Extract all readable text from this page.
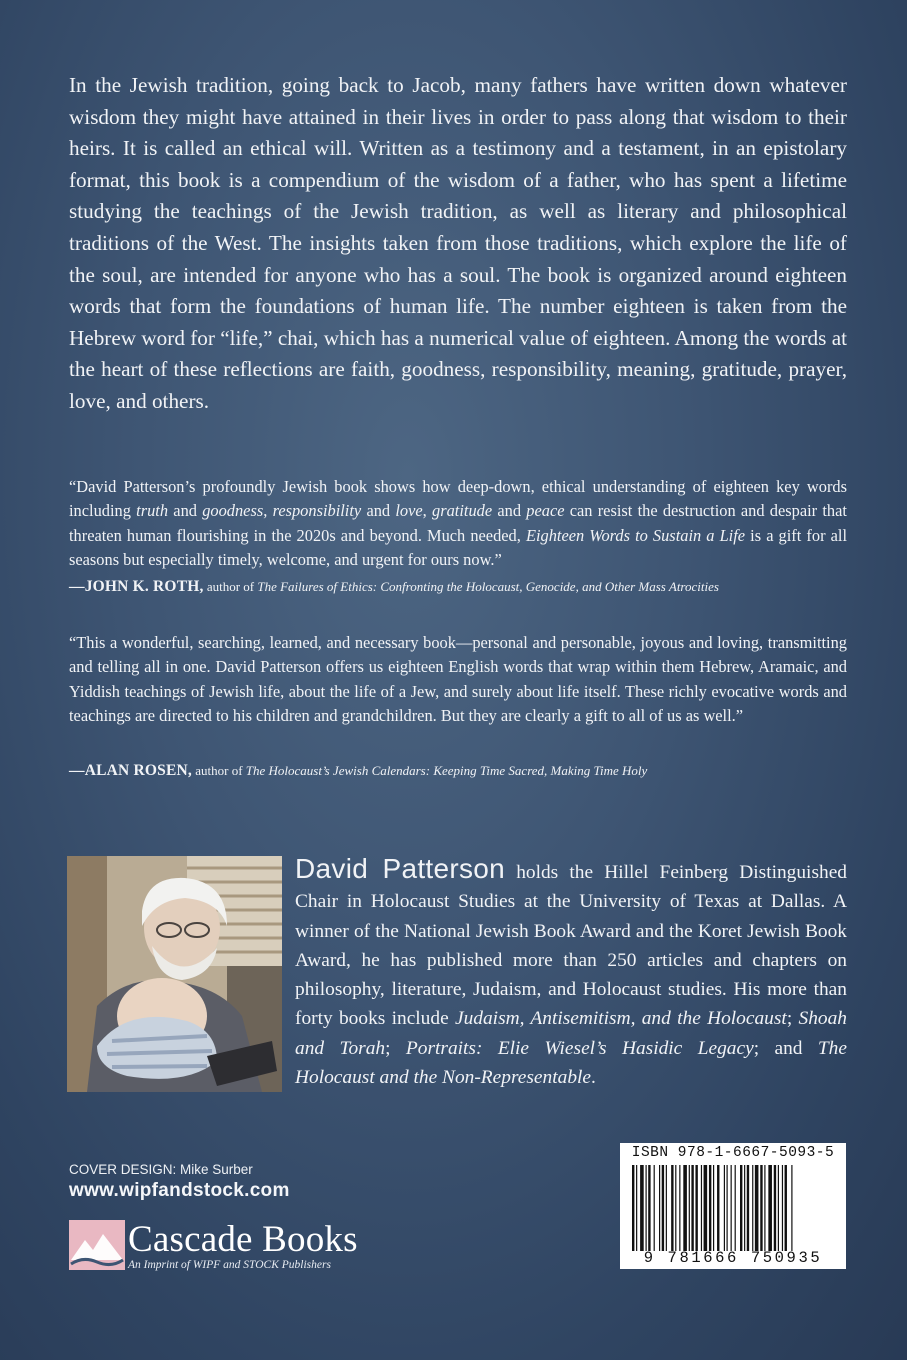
In the Jewish tradition, going back to Jacob, many fathers have written down whatever wisdom they might have attained in their lives in order to pass along that wisdom to their heirs. It is called an ethical will. Written as a testimony and a testament, in an epistolary format, this book is a compendium of the wisdom of a father, who has spent a lifetime studying the teachings of the Jewish tradition, as well as literary and philosophical traditions of the West. The insights taken from those traditions, which explore the life of the soul, are intended for anyone who has a soul. The book is organized around eighteen words that form the foundations of human life. The number eighteen is taken from the Hebrew word for “life,” chai, which has a numerical value of eighteen. Among the words at the heart of these reflections are faith, goodness, responsibility, meaning, gratitude, prayer, love, and others.

“David Patterson’s profoundly Jewish book shows how deep-down, ethical understanding of eighteen key words including truth and goodness, responsibility and love, gratitude and peace can resist the destruction and despair that threaten human flourishing in the 2020s and beyond. Much needed, Eighteen Words to Sustain a Life is a gift for all seasons but especially timely, welcome, and urgent for ours now.”

—JOHN K. ROTH, author of The Failures of Ethics: Confronting the Holocaust, Genocide, and Other Mass Atrocities

“This a wonderful, searching, learned, and necessary book—personal and personable, joyous and loving, transmitting and telling all in one. David Patterson offers us eighteen English words that wrap within them Hebrew, Aramaic, and Yiddish teachings of Jewish life, about the life of a Jew, and surely about life itself. These richly evocative words and teachings are directed to his children and grandchildren. But they are clearly a gift to all of us as well.”

—ALAN ROSEN, author of The Holocaust’s Jewish Calendars: Keeping Time Sacred, Making Time Holy

David Patterson holds the Hillel Feinberg Distinguished Chair in Holocaust Studies at the University of Texas at Dallas. A winner of the National Jewish Book Award and the Koret Jewish Book Award, he has published more than 250 articles and chapters on philosophy, literature, Judaism, and Holocaust studies. His more than forty books include Judaism, Antisemitism, and the Holocaust; Shoah and Torah; Portraits: Elie Wiesel’s Hasidic Legacy; and The Holocaust and the Non-Representable.

COVER DESIGN: Mike Surber
www.wipfandstock.com
Cascade Books
An Imprint of WIPF and STOCK Publishers
ISBN 978-1-6667-5093-5
9 781666 750935
